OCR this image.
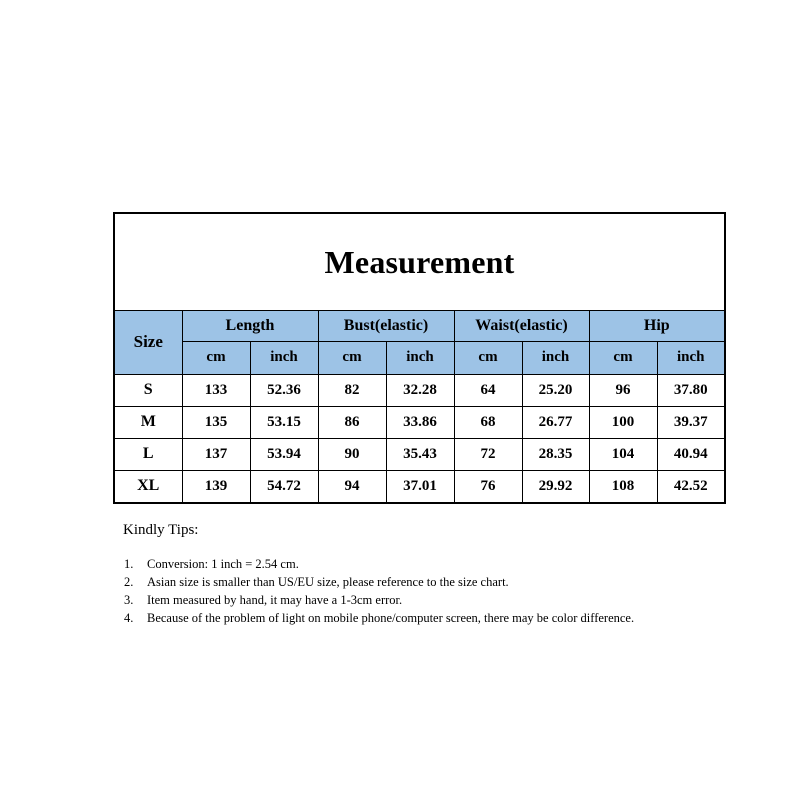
Measurement								
Size	Length		Bust(elastic)		Waist(elastic)		Hip	
	cm	inch	cm	inch	cm	inch	cm	inch
S	133	52.36	82	32.28	64	25.20	96	37.80
M	135	53.15	86	33.86	68	26.77	100	39.37
L	137	53.94	90	35.43	72	28.35	104	40.94
XL	139	54.72	94	37.01	76	29.92	108	42.52

Kindly Tips:

1. Conversion: 1 inch = 2.54 cm.
2. Asian size is smaller than US/EU size, please reference to the size chart.
3. Item measured by hand, it may have a 1-3cm error.
4. Because of the problem of light on mobile phone/computer screen, there may be color difference.
